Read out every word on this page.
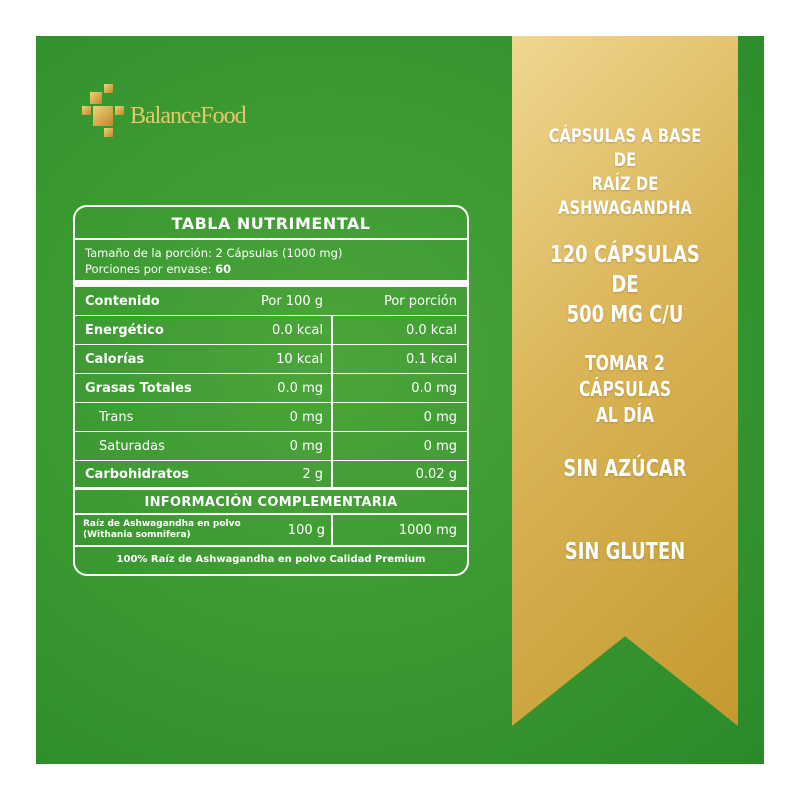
BalanceFood
TABLA NUTRIMENTAL
Tamaño de la porción: 2 Cápsulas (1000 mg)
Porciones por envase: 60
Contenido	Por 100 g	Por porción
Energético	0.0 kcal	0.0 kcal
Calorías	10 kcal	0.1 kcal
Grasas Totales	0.0 mg	0.0 mg
Trans	0 mg	0 mg
Saturadas	0 mg	0 mg
Carbohidratos	2 g	0.02 g
INFORMACIÓN COMPLEMENTARIA
Raíz de Ashwagandha en polvo
(Withania somnifera)	100 g	1000 mg
100% Raíz de Ashwagandha en polvo Calidad Premium
CÁPSULAS A BASE DE
RAÍZ DE ASHWAGANDHA
120 CÁPSULAS DE
500 MG C/U
TOMAR 2 CÁPSULAS
AL DÍA
SIN AZÚCAR
SIN GLUTEN
